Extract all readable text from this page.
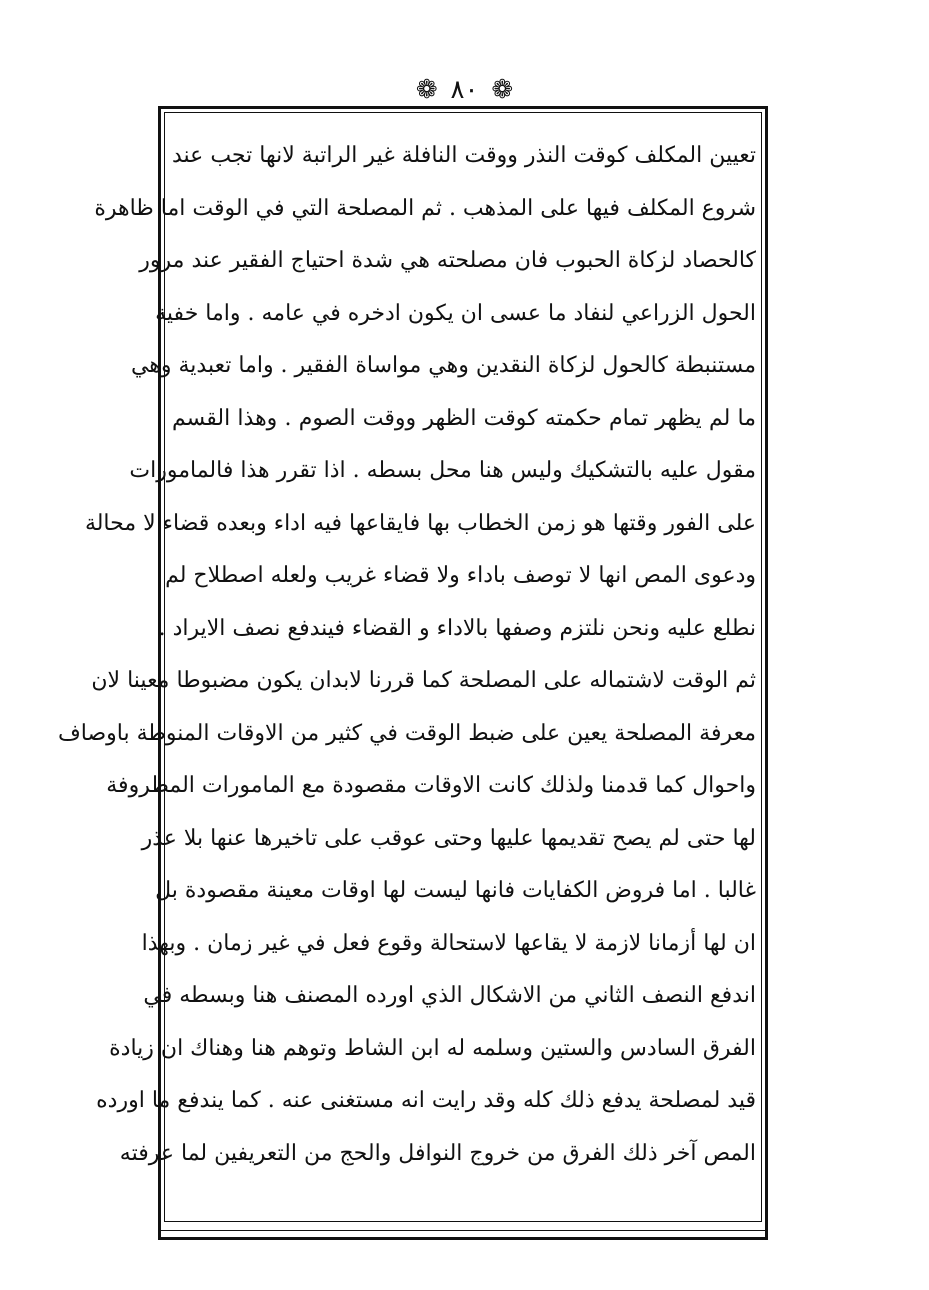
❁ ٨٠ ❁
تعيين المكلف كوقت النذر ووقت النافلة غير الراتبة لانها تجب عند
شروع المكلف فيها على المذهب . ثم المصلحة التي في الوقت اما ظاهرة
كالحصاد لزكاة الحبوب فان مصلحته هي شدة احتياج الفقير عند مرور
الحول الزراعي لنفاد ما عسى ان يكون ادخره في عامه . واما خفية
مستنبطة كالحول لزكاة النقدين وهي مواساة الفقير . واما تعبدية وهي
ما لم يظهر تمام حكمته كوقت الظهر ووقت الصوم . وهذا القسم
مقول عليه بالتشكيك وليس هنا محل بسطه . اذا تقرر هذا فالمامورات
على الفور وقتها هو زمن الخطاب بها فايقاعها فيه اداء وبعده قضاء لا محالة
ودعوى المص انها لا توصف باداء ولا قضاء غريب ولعله اصطلاح لم
نطلع عليه ونحن نلتزم وصفها بالاداء و القضاء فيندفع نصف الايراد .
ثم الوقت لاشتماله على المصلحة كما قررنا لابدان يكون مضبوطا معينا لان
معرفة المصلحة يعين على ضبط الوقت في كثير من الاوقات المنوطة باوصاف
واحوال كما قدمنا ولذلك كانت الاوقات مقصودة مع المامورات المظروفة
لها حتى لم يصح تقديمها عليها وحتى عوقب على تاخيرها عنها بلا عذر
غالبا . اما فروض الكفايات فانها ليست لها اوقات معينة مقصودة بل
ان لها أزمانا لازمة لا يقاعها لاستحالة وقوع فعل في غير زمان . وبهذا
اندفع النصف الثاني من الاشكال الذي اورده المصنف هنا وبسطه في
الفرق السادس والستين وسلمه له ابن الشاط وتوهم هنا وهناك ان زيادة
قيد لمصلحة يدفع ذلك كله وقد رايت انه مستغنى عنه . كما يندفع ما اورده
المص آخر ذلك الفرق من خروج النوافل والحج من التعريفين لما عرفته
